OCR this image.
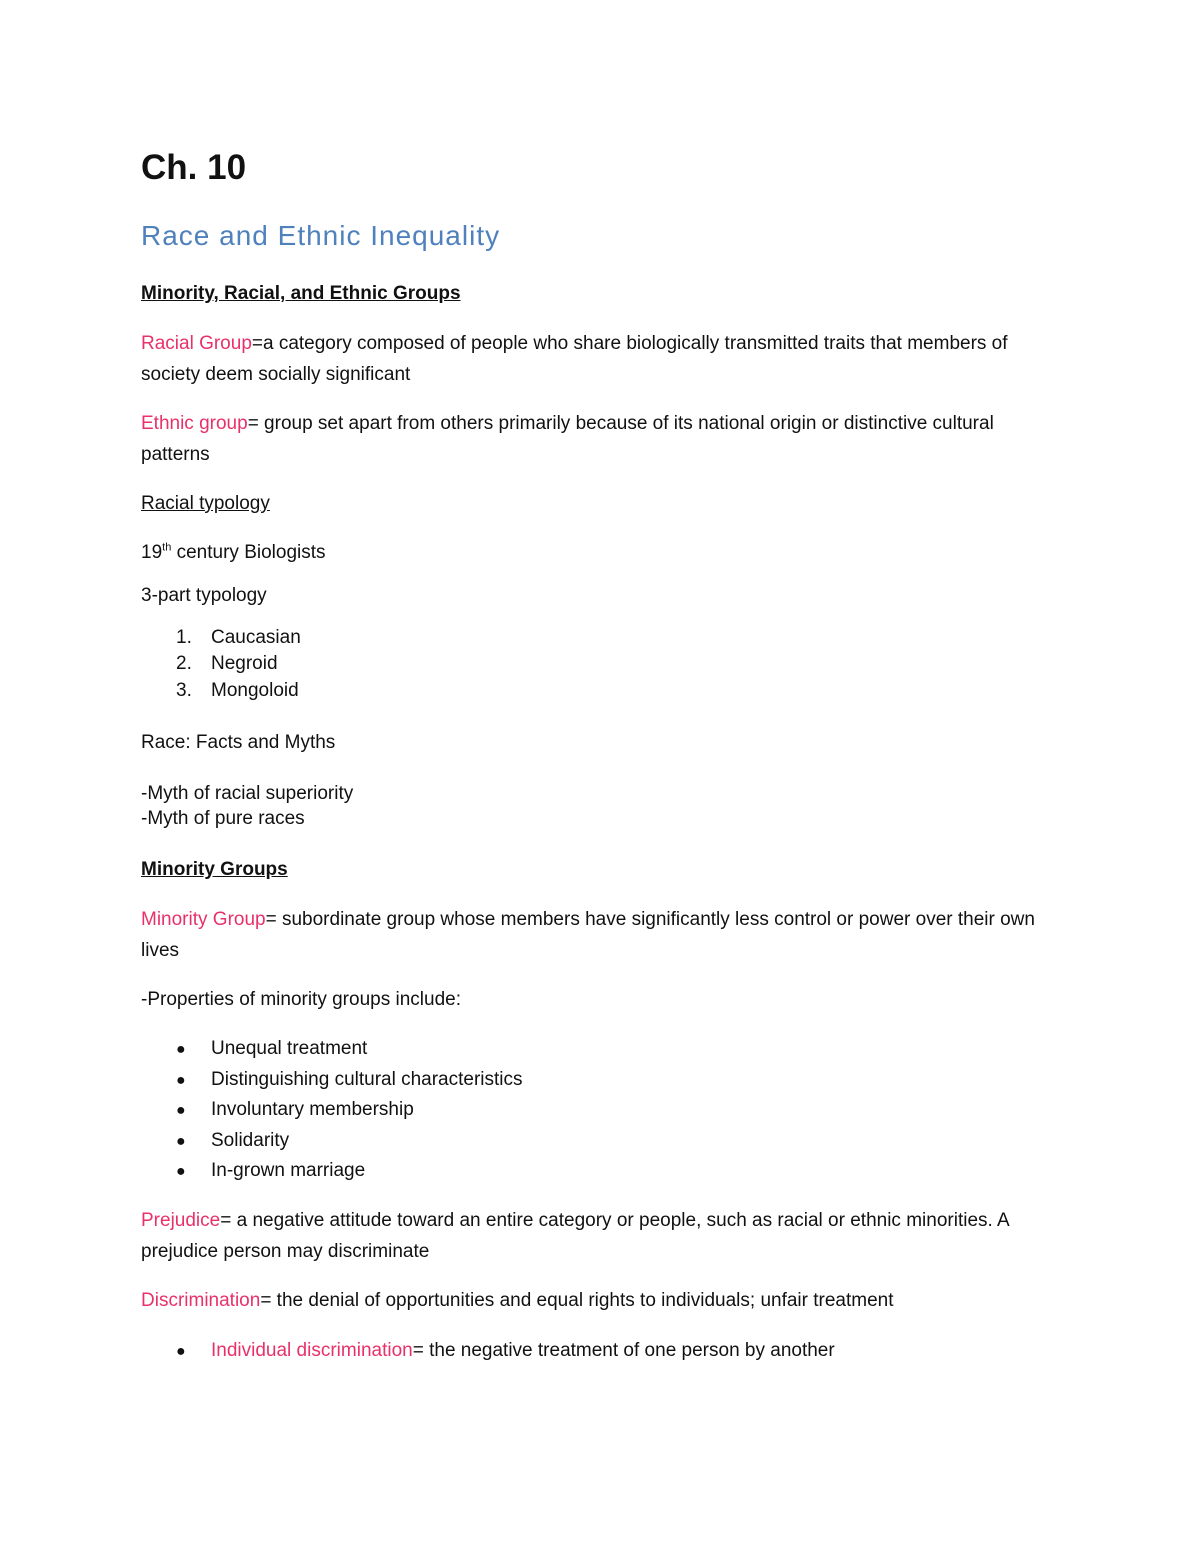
Ch. 10
Race and Ethnic Inequality
Minority, Racial, and Ethnic Groups
Racial Group=a category composed of people who share biologically transmitted traits that members of society deem socially significant
Ethnic group= group set apart from others primarily because of its national origin or distinctive cultural patterns
Racial typology
19th century Biologists
3-part typology
1. Caucasian
2. Negroid
3. Mongoloid
Race: Facts and Myths
-Myth of racial superiority
-Myth of pure races
Minority Groups
Minority Group= subordinate group whose members have significantly less control or power over their own lives
-Properties of minority groups include:
● Unequal treatment
● Distinguishing cultural characteristics
● Involuntary membership
● Solidarity
● In-grown marriage
Prejudice= a negative attitude toward an entire category or people, such as racial or ethnic minorities. A prejudice person may discriminate
Discrimination= the denial of opportunities and equal rights to individuals; unfair treatment
● Individual discrimination= the negative treatment of one person by another
